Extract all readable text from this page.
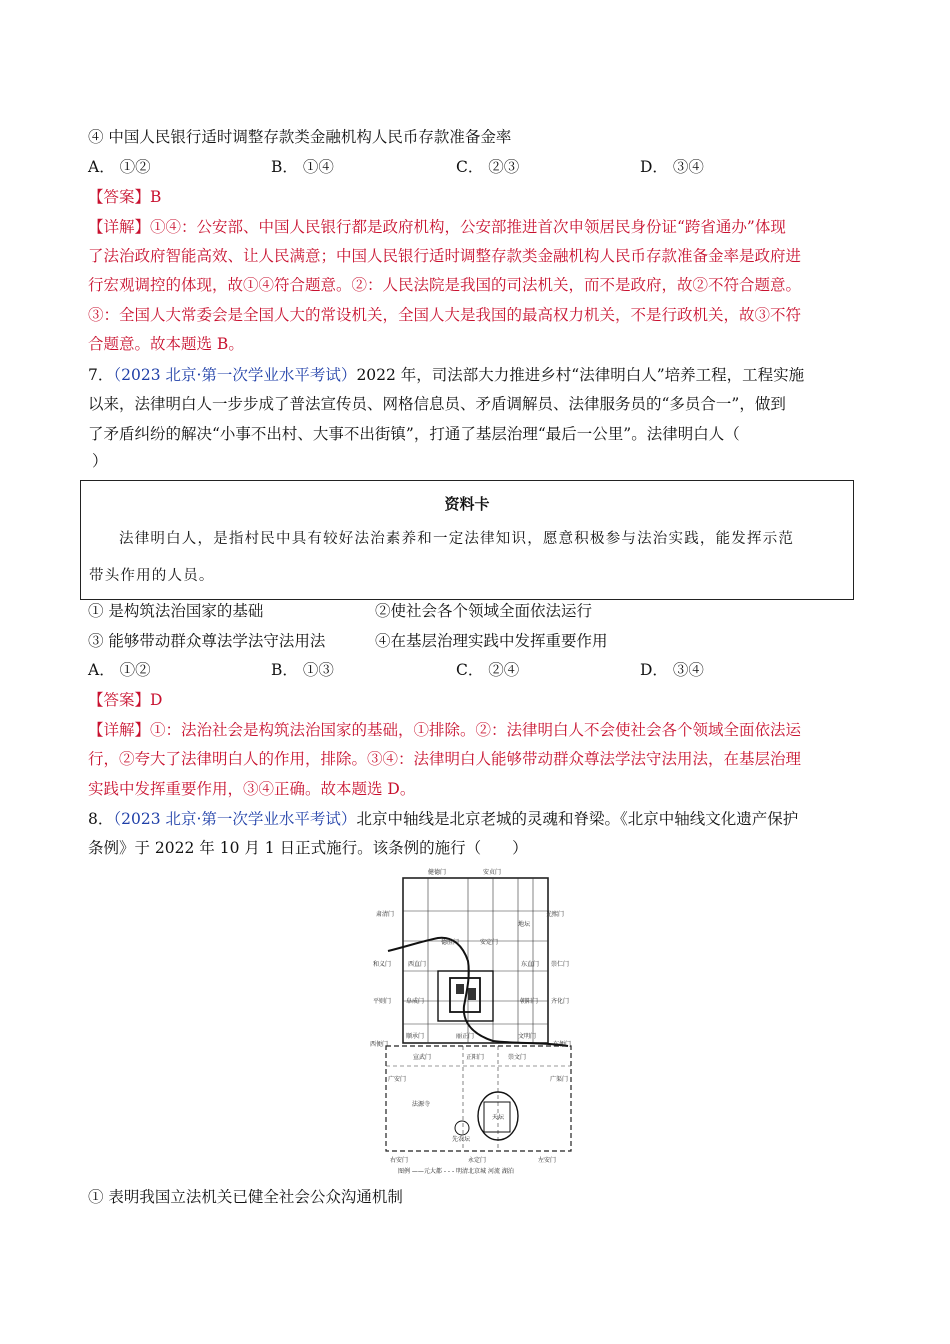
④ 中国人民银行适时调整存款类金融机构人民币存款准备金率
A． ①②	B． ①④	C． ②③	D． ③④
【答案】B
【详解】①④：公安部、中国人民银行都是政府机构，公安部推进首次申领居民身份证“跨省通办”体现
了法治政府智能高效、让人民满意；中国人民银行适时调整存款类金融机构人民币存款准备金率是政府进
行宏观调控的体现，故①④符合题意。②：人民法院是我国的司法机关，而不是政府，故②不符合题意。
③：全国人大常委会是全国人大的常设机关，全国人大是我国的最高权力机关，不是行政机关，故③不符
合题意。故本题选 B。
7．（2023 北京·第一次学业水平考试）2022 年，司法部大力推进乡村“法律明白人”培养工程，工程实施
以来，法律明白人一步步成了普法宣传员、网格信息员、矛盾调解员、法律服务员的“多员合一”，做到
了矛盾纠纷的解决“小事不出村、大事不出街镇”，打通了基层治理“最后一公里”。法律明白人（
）
资料卡
法律明白人，是指村民中具有较好法治素养和一定法律知识，愿意积极参与法治实践，能发挥示范
带头作用的人员。
① 是构筑法治国家的基础	②使社会各个领域全面依法运行
③ 能够带动群众尊法学法守法用法	④在基层治理实践中发挥重要作用
A． ①②	B． ①③	C． ②④	D． ③④
【答案】D
【详解】①：法治社会是构筑法治国家的基础，①排除。②：法律明白人不会使社会各个领域全面依法运
行，②夸大了法律明白人的作用，排除。③④：法律明白人能够带动群众尊法学法守法用法，在基层治理
实践中发挥重要作用，③④正确。故本题选 D。
8．（2023 北京·第一次学业水平考试）北京中轴线是北京老城的灵魂和脊梁。《北京中轴线文化遗产保护
条例》于 2022 年 10 月 1 日正式施行。该条例的施行（　　）
健德门	安贞门
肃清门	光熙门
地坛
德胜门	安定门
和义门	西直门	东直门 崇仁门
平则门 阜成门	朝阳门 齐化门
顺承门	丽正门	文明门
西便门	东便门
宣武门	正阳门	崇文门
广安门	广渠门
法源寺
天坛
先农坛
右安门	永定门	左安门
图例 ——元大都 - - - 明清北京城 河流 湖泊
① 表明我国立法机关已健全社会公众沟通机制
